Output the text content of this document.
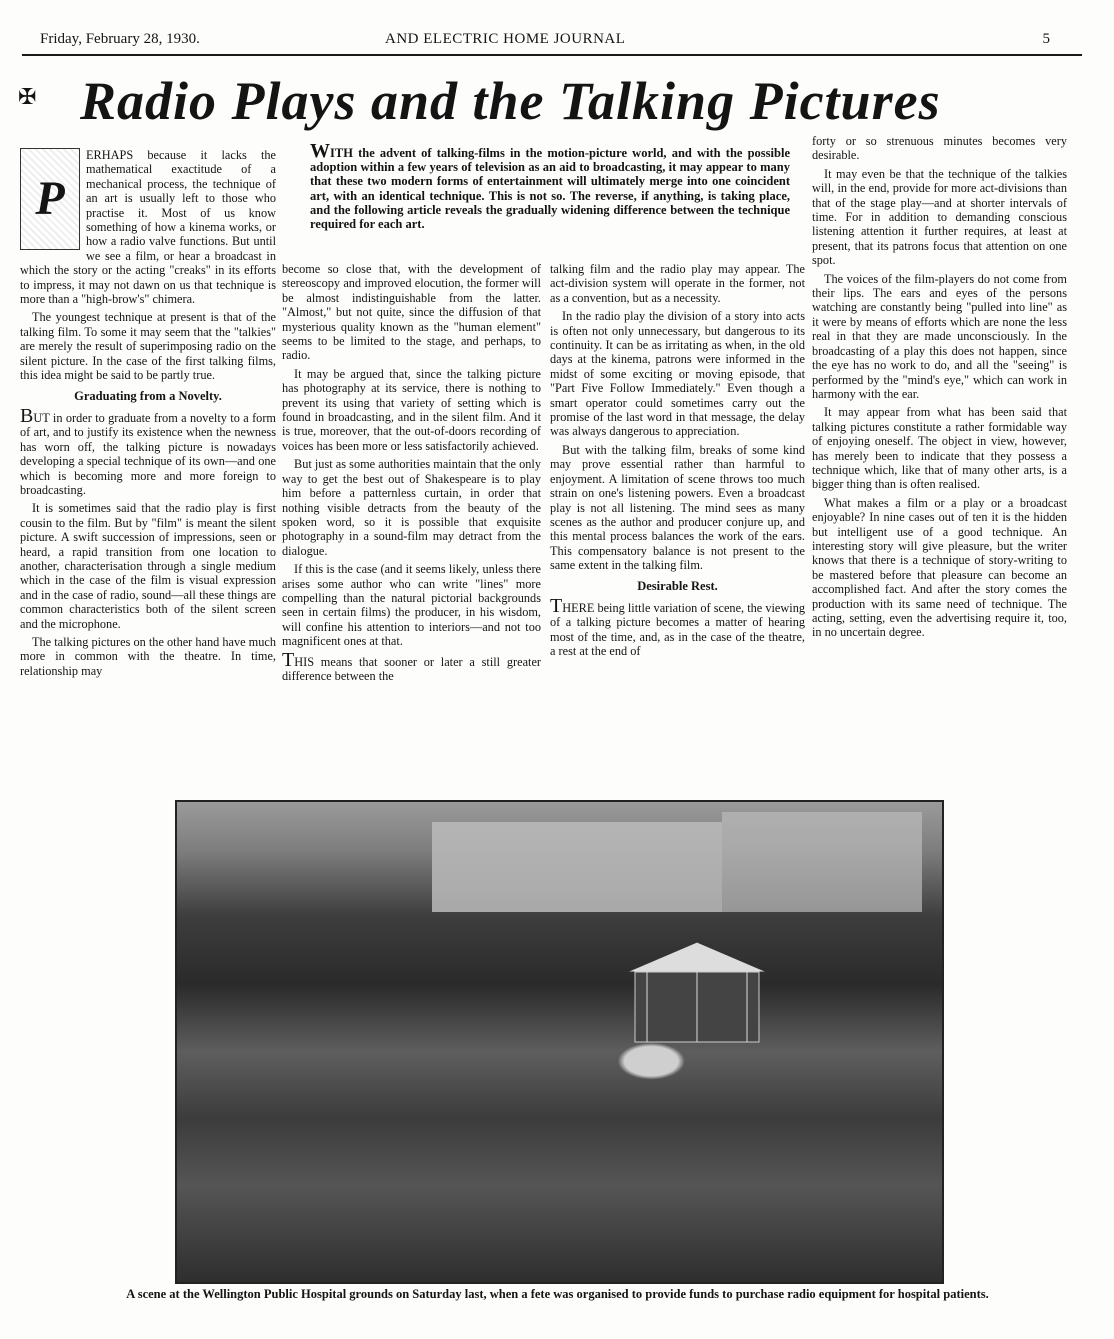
Friday, February 28, 1930.	AND ELECTRIC HOME JOURNAL	5
✠ Radio Plays and the Talking Pictures
WITH the advent of talking-films in the motion-picture world, and with the possible adoption within a few years of television as an aid to broadcasting, it may appear to many that these two modern forms of entertainment will ultimately merge into one coincident art, with an identical technique. This is not so. The reverse, if anything, is taking place, and the following article reveals the gradually widening difference between the technique required for each art.

P
ERHAPS because it lacks the mathematical exactitude of a mechanical process, the technique of an art is usually left to those who practise it. Most of us know something of how a kinema works, or how a radio valve functions. But until we see a film, or hear a broadcast in which the story or the acting "creaks" in its efforts to impress, it may not dawn on us that technique is more than a "high-brow's" chimera.

The youngest technique at present is that of the talking film. To some it may seem that the "talkies" are merely the result of superimposing radio on the silent picture. In the case of the first talking films, this idea might be said to be partly true.

Graduating from a Novelty.

BUT in order to graduate from a novelty to a form of art, and to justify its existence when the newness has worn off, the talking picture is nowadays developing a special technique of its own—and one which is becoming more and more foreign to broadcasting.

It is sometimes said that the radio play is first cousin to the film. But by "film" is meant the silent picture. A swift succession of impressions, seen or heard, a rapid transition from one location to another, characterisation through a single medium which in the case of the film is visual expression and in the case of radio, sound—all these things are common characteristics both of the silent screen and the microphone.

The talking pictures on the other hand have much more in common with the theatre. In time, relationship may

become so close that, with the development of stereoscopy and improved elocution, the former will be almost indistinguishable from the latter. "Almost," but not quite, since the diffusion of that mysterious quality known as the "human element" seems to be limited to the stage, and perhaps, to radio.

It may be argued that, since the talking picture has photography at its service, there is nothing to prevent its using that variety of setting which is found in broadcasting, and in the silent film. And it is true, moreover, that the out-of-doors recording of voices has been more or less satisfactorily achieved.

But just as some authorities maintain that the only way to get the best out of Shakespeare is to play him before a patternless curtain, in order that nothing visible detracts from the beauty of the spoken word, so it is possible that exquisite photography in a sound-film may detract from the dialogue.

If this is the case (and it seems likely, unless there arises some author who can write "lines" more compelling than the natural pictorial backgrounds seen in certain films) the producer, in his wisdom, will confine his attention to interiors—and not too magnificent ones at that.

THIS means that sooner or later a still greater difference between the

talking film and the radio play may appear. The act-division system will operate in the former, not as a convention, but as a necessity.

In the radio play the division of a story into acts is often not only unnecessary, but dangerous to its continuity. It can be as irritating as when, in the old days at the kinema, patrons were informed in the midst of some exciting or moving episode, that "Part Five Follow Immediately." Even though a smart operator could sometimes carry out the promise of the last word in that message, the delay was always dangerous to appreciation.

But with the talking film, breaks of some kind may prove essential rather than harmful to enjoyment. A limitation of scene throws too much strain on one's listening powers. Even a broadcast play is not all listening. The mind sees as many scenes as the author and producer conjure up, and this mental process balances the work of the ears. This compensatory balance is not present to the same extent in the talking film.

Desirable Rest.

THERE being little variation of scene, the viewing of a talking picture becomes a matter of hearing most of the time, and, as in the case of the theatre, a rest at the end of

forty or so strenuous minutes becomes very desirable.

It may even be that the technique of the talkies will, in the end, provide for more act-divisions than that of the stage play—and at shorter intervals of time. For in addition to demanding conscious listening attention it further requires, at least at present, that its patrons focus that attention on one spot.

The voices of the film-players do not come from their lips. The ears and eyes of the persons watching are constantly being "pulled into line" as it were by means of efforts which are none the less real in that they are made unconsciously. In the broadcasting of a play this does not happen, since the eye has no work to do, and all the "seeing" is performed by the "mind's eye," which can work in harmony with the ear.

It may appear from what has been said that talking pictures constitute a rather formidable way of enjoying oneself. The object in view, however, has merely been to indicate that they possess a technique which, like that of many other arts, is a bigger thing than is often realised.

What makes a film or a play or a broadcast enjoyable? In nine cases out of ten it is the hidden but intelligent use of a good technique. An interesting story will give pleasure, but the writer knows that there is a technique of story-writing to be mastered before that pleasure can become an accomplished fact. And after the story comes the production with its same need of technique. The acting, setting, even the advertising require it, too, in no uncertain degree.

A scene at the Wellington Public Hospital grounds on Saturday last, when a fete was organised to provide funds to purchase radio equipment for hospital patients.
